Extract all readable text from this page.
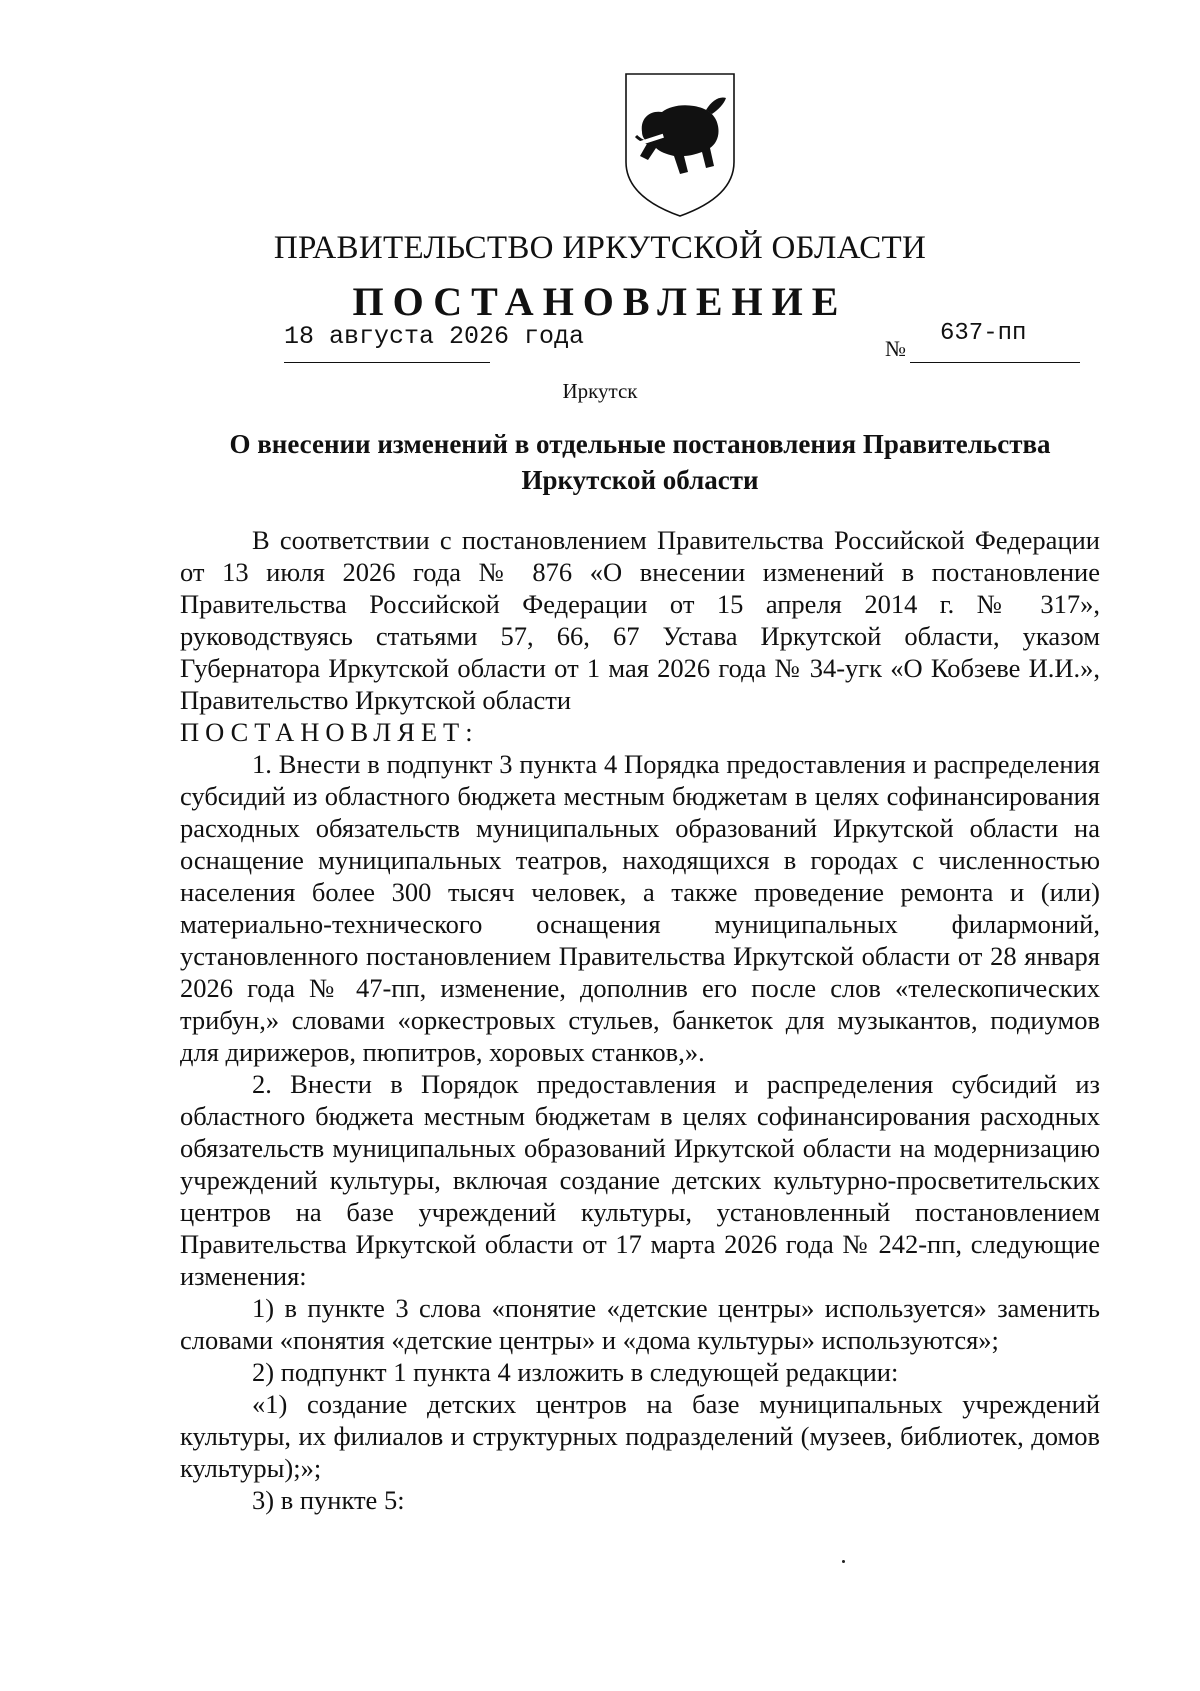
ПРАВИТЕЛЬСТВО ИРКУТСКОЙ ОБЛАСТИ
ПОСТАНОВЛЕНИЕ
18 августа 2026 года	№
637-пп
Иркутск
О внесении изменений в отдельные постановления Правительства Иркутской области

В соответствии с постановлением Правительства Российской Федерации от 13 июля 2026 года № 876 «О внесении изменений в постановление Правительства Российской Федерации от 15 апреля 2014 г. № 317», руководствуясь статьями 57, 66, 67 Устава Иркутской области, указом Губернатора Иркутской области от 1 мая 2026 года № 34-угк «О Кобзеве И.И.», Правительство Иркутской области

ПОСТАНОВЛЯЕТ:

1. Внести в подпункт 3 пункта 4 Порядка предоставления и распределения субсидий из областного бюджета местным бюджетам в целях софинансирования расходных обязательств муниципальных образований Иркутской области на оснащение муниципальных театров, находящихся в городах с численностью населения более 300 тысяч человек, а также проведение ремонта и (или) материально-технического оснащения муниципальных филармоний, установленного постановлением Правительства Иркутской области от 28 января 2026 года № 47-пп, изменение, дополнив его после слов «телескопических трибун,» словами «оркестровых стульев, банкеток для музыкантов, подиумов для дирижеров, пюпитров, хоровых станков,».

2. Внести в Порядок предоставления и распределения субсидий из областного бюджета местным бюджетам в целях софинансирования расходных обязательств муниципальных образований Иркутской области на модернизацию учреждений культуры, включая создание детских культурно-просветительских центров на базе учреждений культуры, установленный постановлением Правительства Иркутской области от 17 марта 2026 года № 242-пп, следующие изменения:

1) в пункте 3 слова «понятие «детские центры» используется» заменить словами «понятия «детские центры» и «дома культуры» используются»;

2) подпункт 1 пункта 4 изложить в следующей редакции:

«1) создание детских центров на базе муниципальных учреждений культуры, их филиалов и структурных подразделений (музеев, библиотек, домов культуры);»;

3) в пункте 5:
